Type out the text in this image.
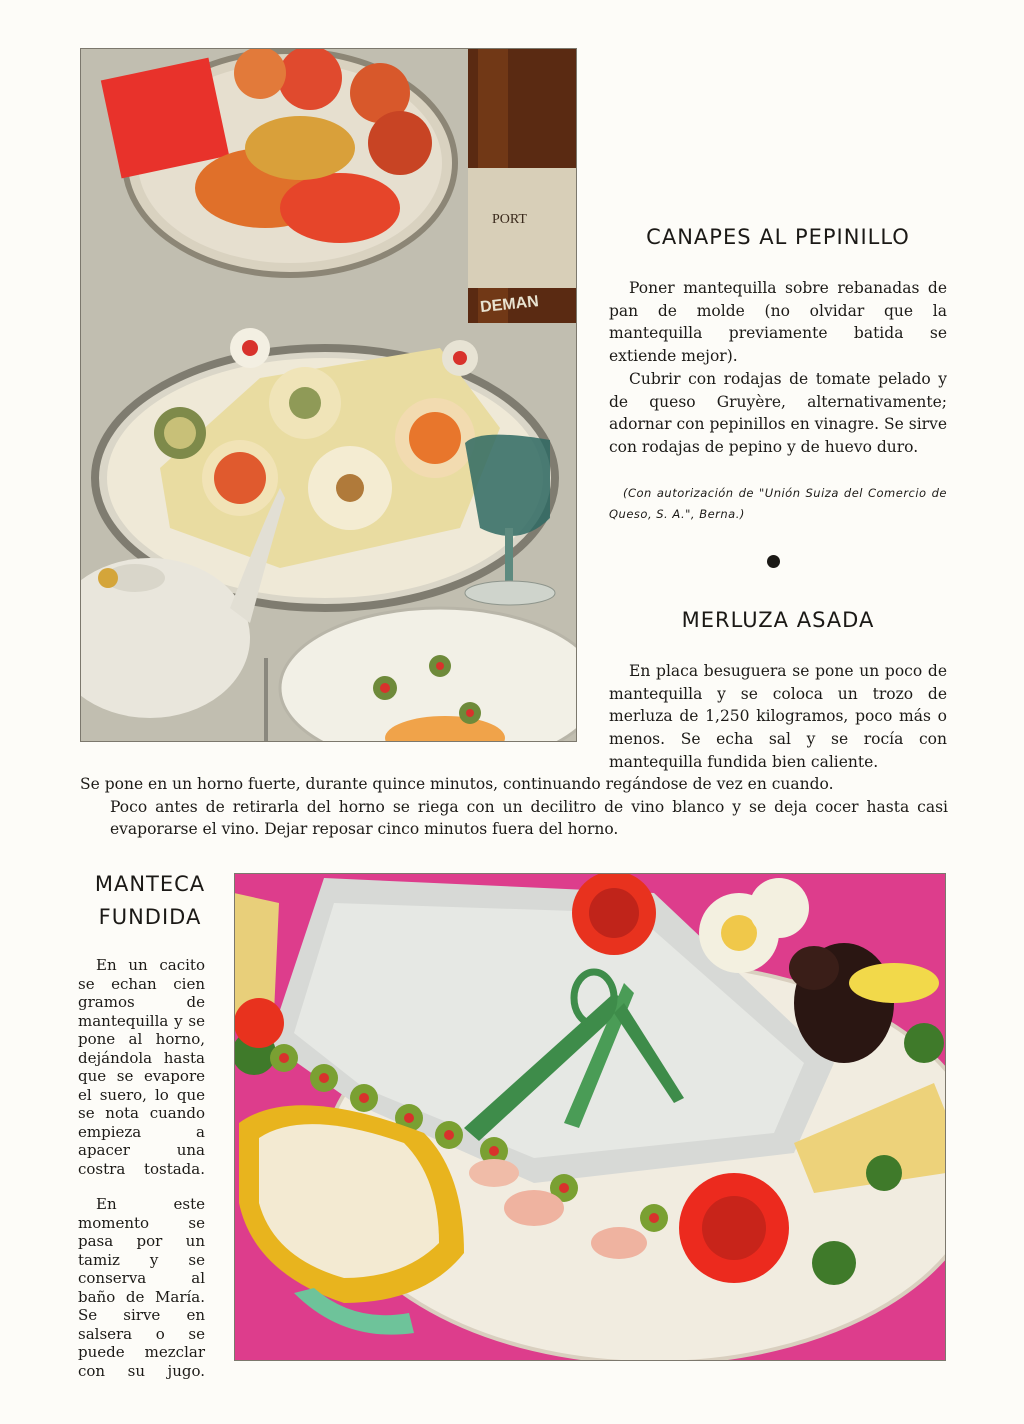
PORT
DEMAN
CANAPES AL PEPINILLO

Poner mantequilla sobre rebanadas de pan de molde (no olvidar que la mantequilla previamente batida se extiende mejor).

Cubrir con rodajas de tomate pelado y de queso Gruyère, alternativamente; adornar con pepinillos en vinagre. Se sirve con rodajas de pepino y de huevo duro.

(Con autorización de "Unión Suiza del Comercio de Queso, S. A.", Berna.)

MERLUZA ASADA

En placa besuguera se pone un poco de mantequilla y se coloca un trozo de merluza de 1,250 kilogramos, poco más o menos. Se echa sal y se rocía con mantequilla fundida bien caliente.

Se pone en un horno fuerte, durante quince minutos, continuando regándose de vez en cuando.
Poco antes de retirarla del horno se riega con un decilitro de vino blanco y se deja cocer hasta casi evaporarse el vino. Dejar reposar cinco minutos fuera del horno.

MANTECA
FUNDIDA

En un cacito se echan cien gramos de mantequilla y se pone al horno, dejándola hasta que se evapore el suero, lo que se nota cuando empieza a apacer una costra tostada.

En este momento se pasa por un tamiz y se conserva al baño de María. Se sirve en salsera o se puede mezclar con su jugo.
